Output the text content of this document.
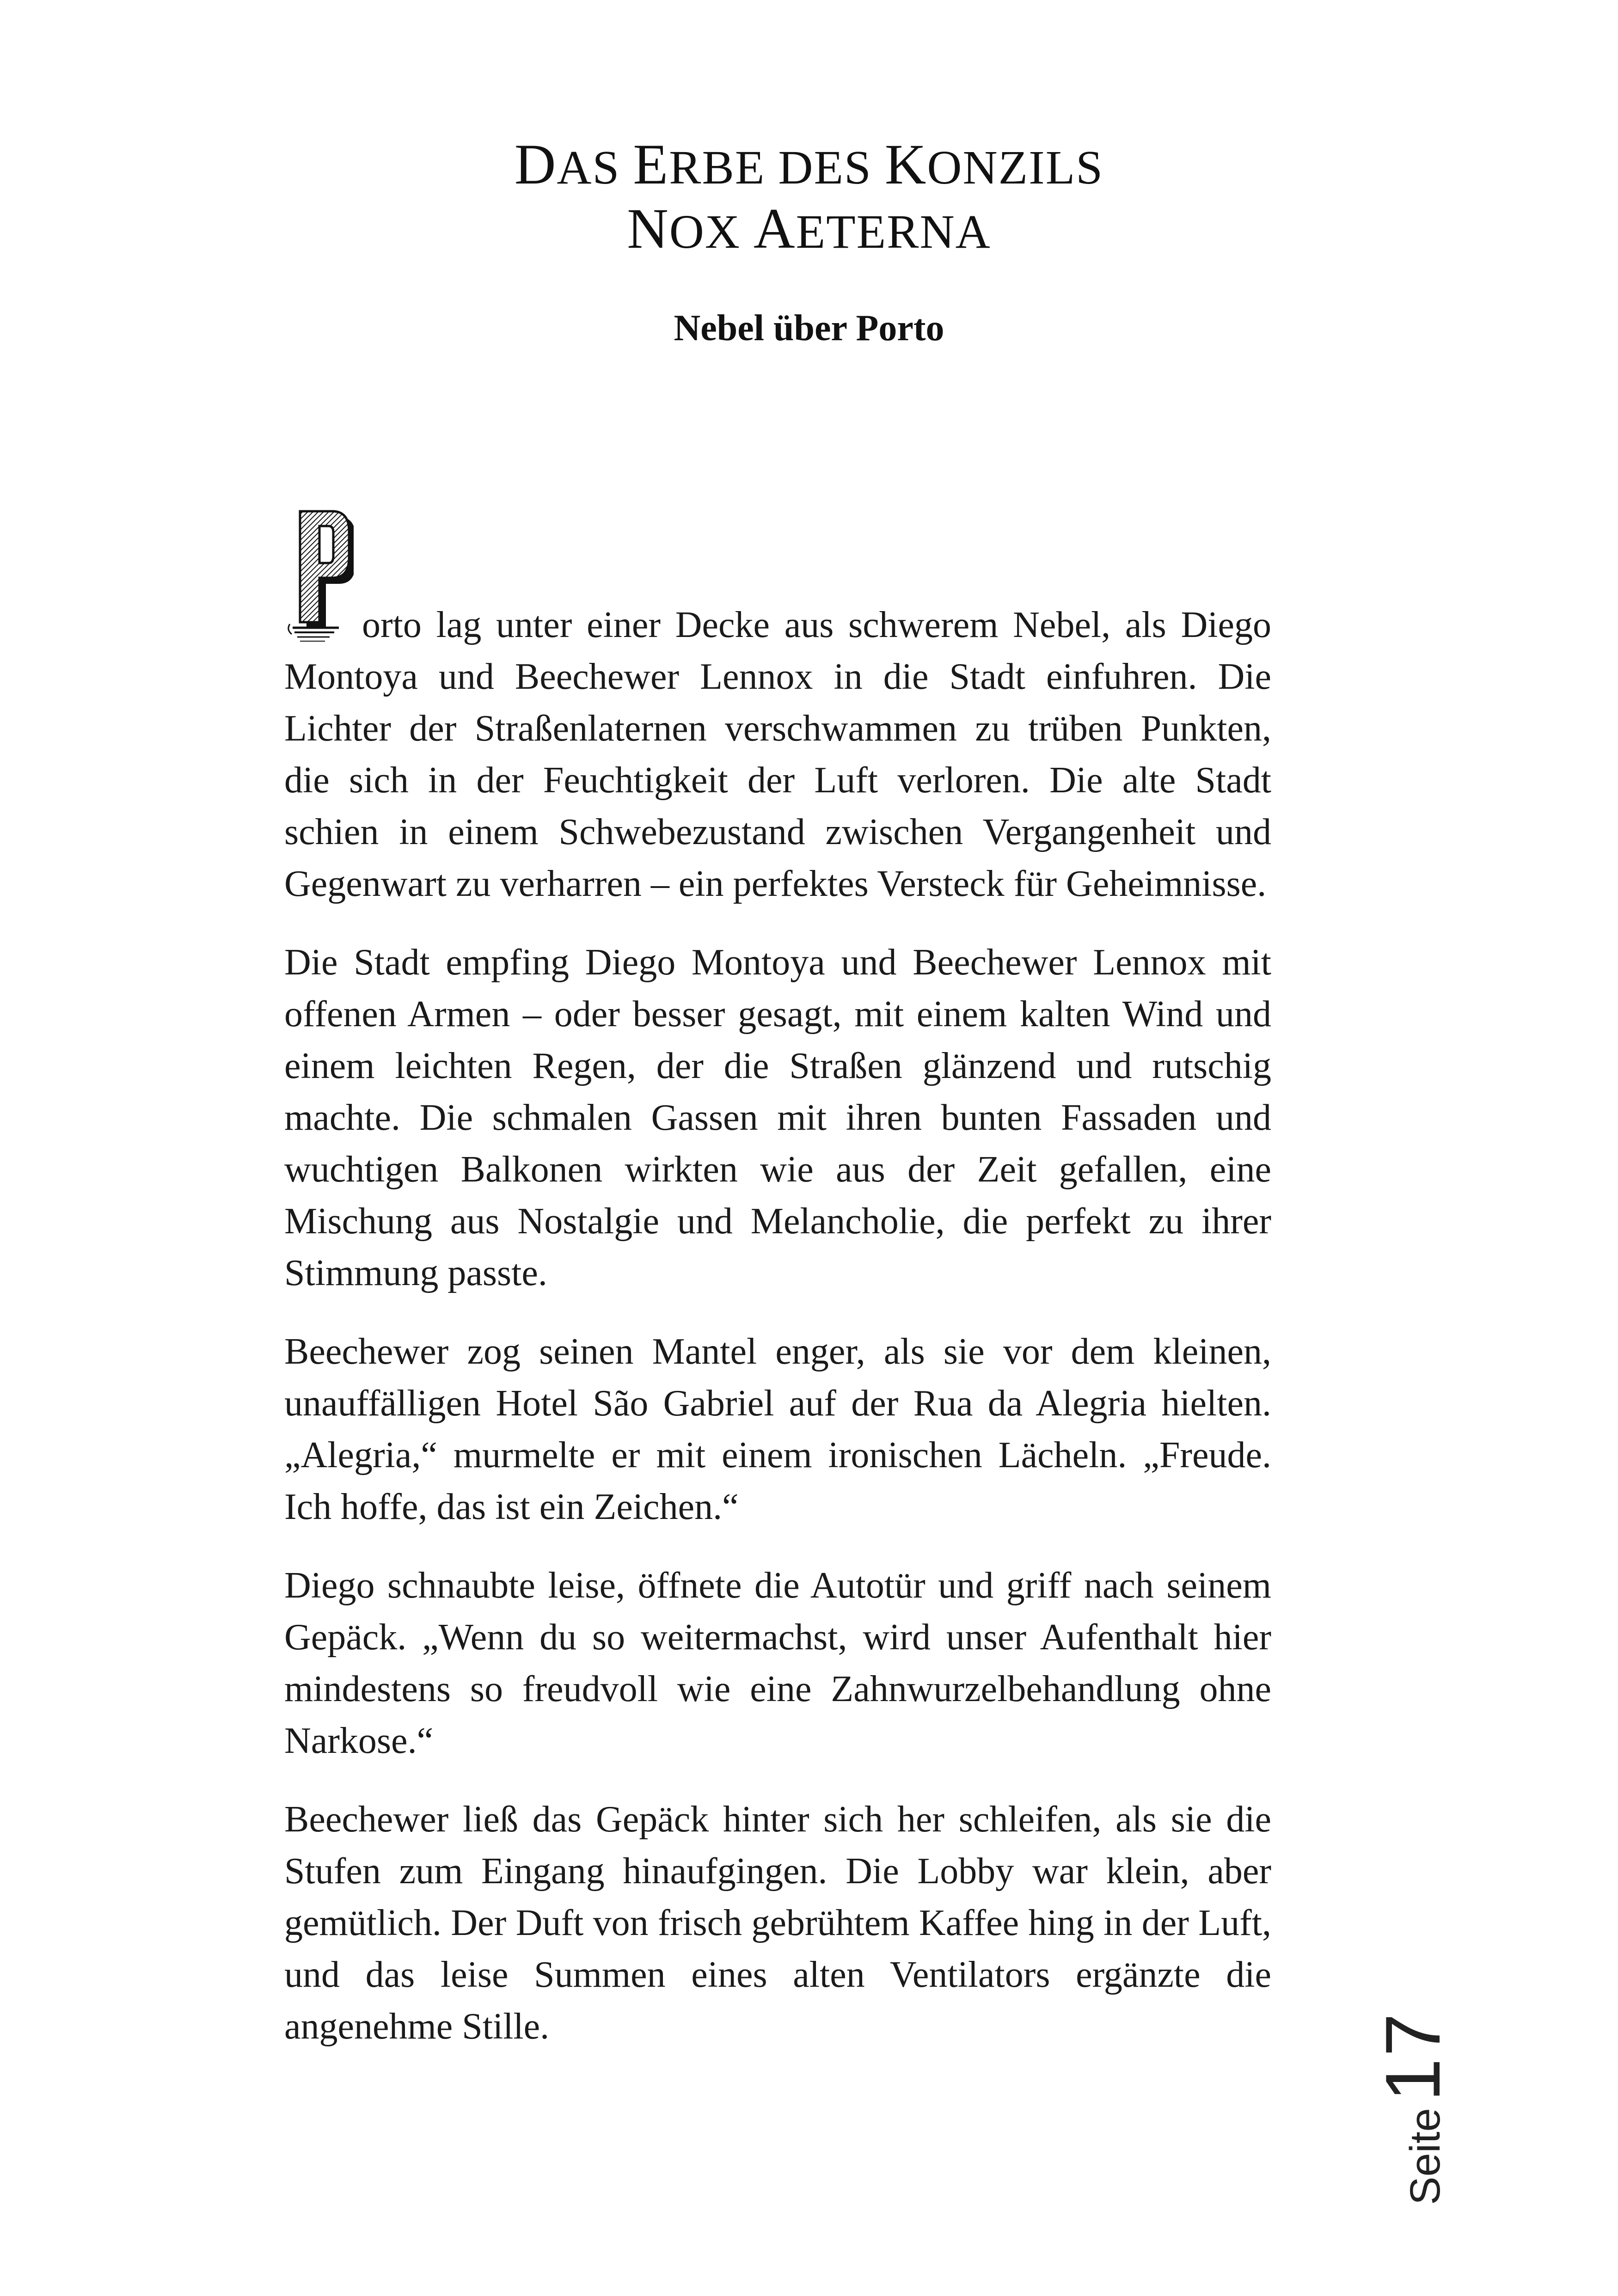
DAS ERBE DES KONZILS
NOX AETERNA
Nebel über Porto
orto lag unter einer Decke aus schwerem Nebel, als Diego Montoya und Beechewer Lennox in die Stadt einfuhren. Die Lichter der Straßenlaternen verschwammen zu trüben Punkten, die sich in der Feuchtigkeit der Luft verloren. Die alte Stadt schien in einem Schwebezustand zwischen Vergangenheit und Gegenwart zu verharren – ein perfektes Versteck für Geheimnisse.

Die Stadt empfing Diego Montoya und Beechewer Lennox mit offenen Armen – oder besser gesagt, mit einem kalten Wind und einem leichten Regen, der die Straßen glänzend und rutschig machte. Die schmalen Gassen mit ihren bunten Fassaden und wuchtigen Balkonen wirkten wie aus der Zeit gefallen, eine Mischung aus Nostalgie und Melancholie, die perfekt zu ihrer Stimmung passte.

Beechewer zog seinen Mantel enger, als sie vor dem kleinen, unauffälligen Hotel São Gabriel auf der Rua da Alegria hielten. „Alegria,“ murmelte er mit einem ironischen Lächeln. „Freude. Ich hoffe, das ist ein Zeichen.“

Diego schnaubte leise, öffnete die Autotür und griff nach seinem Gepäck. „Wenn du so weitermachst, wird unser Aufenthalt hier mindestens so freudvoll wie eine Zahnwurzelbehandlung ohne Narkose.“

Beechewer ließ das Gepäck hinter sich her schleifen, als sie die Stufen zum Eingang hinaufgingen. Die Lobby war klein, aber gemütlich. Der Duft von frisch gebrühtem Kaffee hing in der Luft, und das leise Summen eines alten Ventilators ergänzte die angenehme Stille.

Seite
17
